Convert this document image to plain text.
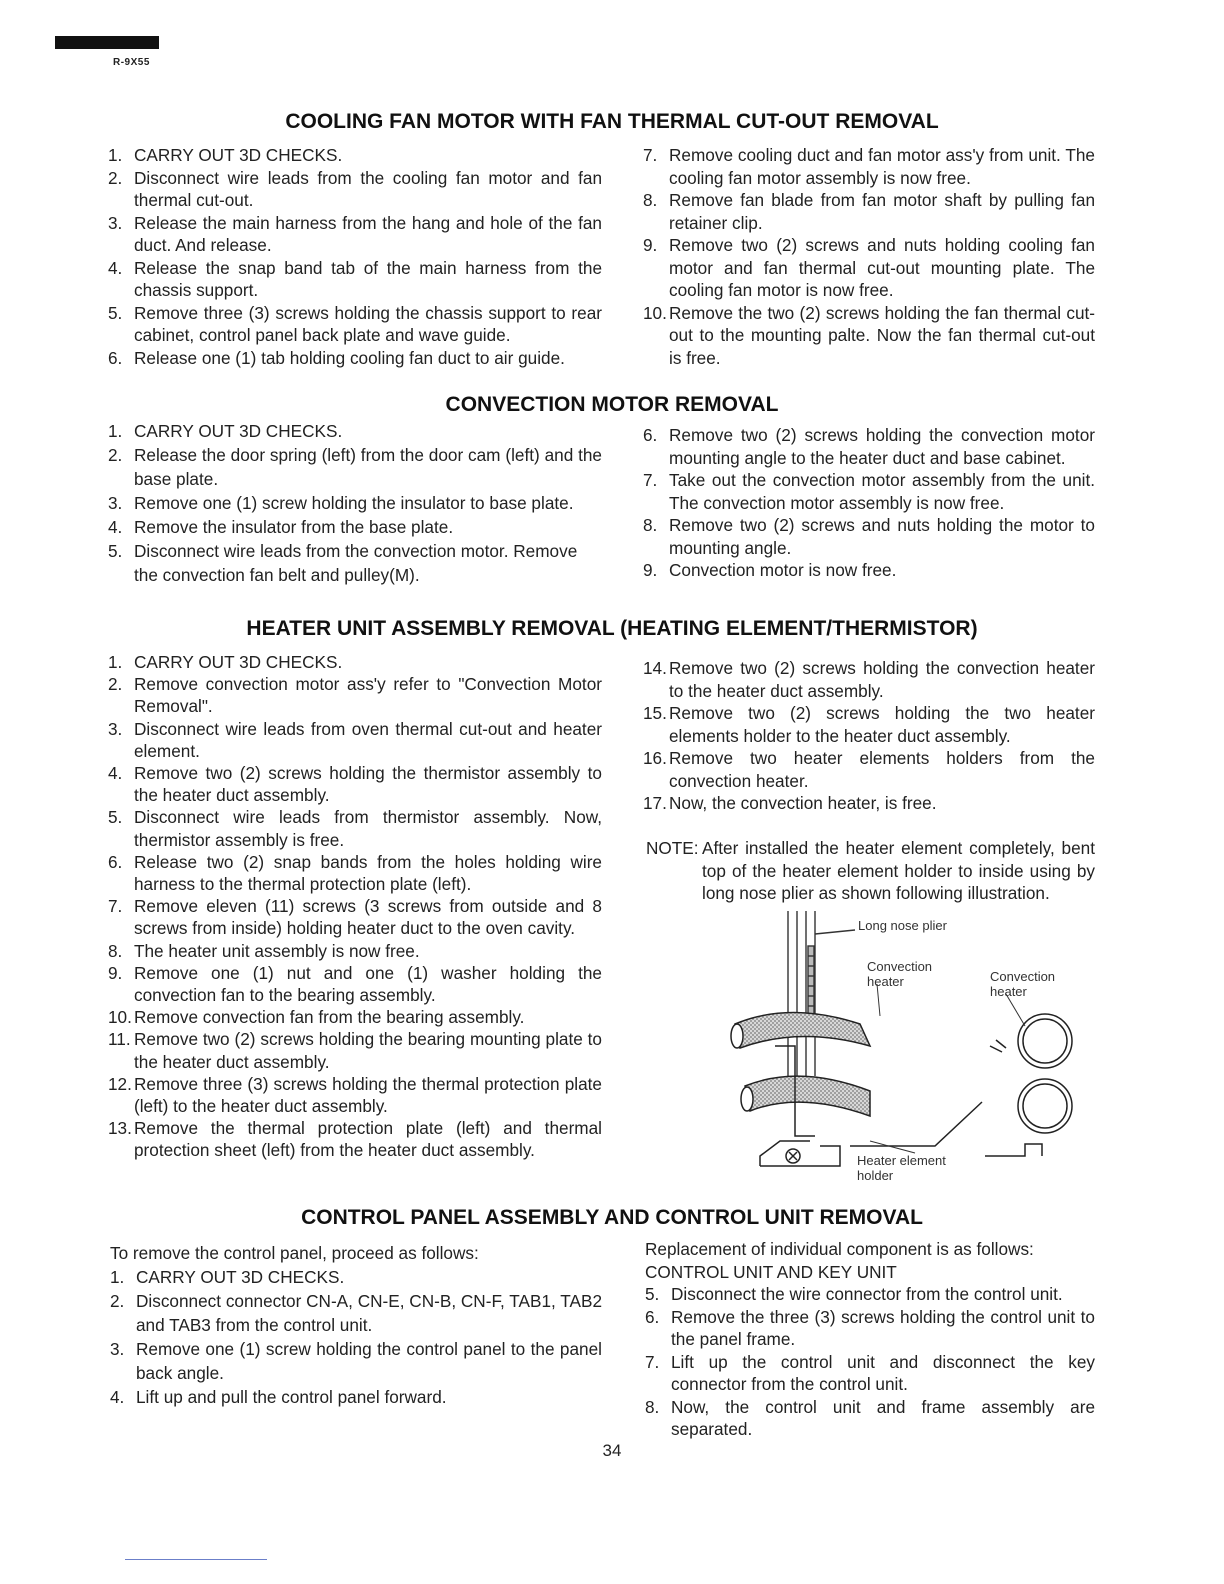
R-9X55
COOLING FAN MOTOR WITH FAN THERMAL CUT-OUT REMOVAL
1. CARRY OUT 3D CHECKS.
2. Disconnect wire leads from the cooling fan motor and fan thermal cut-out.
3. Release the main harness from the hang and hole of the fan duct. And release.
4. Release the snap band tab of the main harness from the chassis support.
5. Remove three (3) screws holding the chassis support to rear cabinet, control panel back plate and wave guide.
6. Release one (1) tab holding cooling fan duct to air guide.
7. Remove cooling duct and fan motor ass'y from unit. The cooling fan motor assembly is now free.
8. Remove fan blade from fan motor shaft by pulling fan retainer clip.
9. Remove two (2) screws and nuts holding cooling fan motor and fan thermal cut-out mounting plate. The cooling fan motor is now free.
10. Remove the two (2) screws holding the fan thermal cut-out to the mounting palte. Now the fan thermal cut-out is free.
CONVECTION MOTOR REMOVAL
1. CARRY OUT 3D CHECKS.
2. Release the door spring (left) from the door cam (left) and the base plate.
3. Remove one (1) screw holding the insulator to base plate.
4. Remove the insulator from the base plate.
5. Disconnect wire leads from the convection motor. Remove the convection fan belt and pulley(M).
6. Remove two (2) screws holding the convection motor mounting angle to the heater duct and base cabinet.
7. Take out the convection motor assembly from the unit. The convection motor assembly is now free.
8. Remove two (2) screws and nuts holding the motor to mounting angle.
9. Convection motor is now free.
HEATER UNIT ASSEMBLY REMOVAL (HEATING ELEMENT/THERMISTOR)
1. CARRY OUT 3D CHECKS.
2. Remove convection motor ass'y refer to "Convection Motor Removal".
3. Disconnect wire leads from oven thermal cut-out and heater element.
4. Remove two (2) screws holding the thermistor assembly to the heater duct assembly.
5. Disconnect wire leads from thermistor assembly. Now, thermistor assembly is free.
6. Release two (2) snap bands from the holes holding wire harness to the thermal protection plate (left).
7. Remove eleven (11) screws (3 screws from outside and 8 screws from inside) holding heater duct to the oven cavity.
8. The heater unit assembly is now free.
9. Remove one (1) nut and one (1) washer holding the convection fan to the bearing assembly.
10. Remove convection fan from the bearing assembly.
11. Remove two (2) screws holding the bearing mounting plate to the heater duct assembly.
12. Remove three (3) screws holding the thermal protection plate (left) to the heater duct assembly.
13. Remove the thermal protection plate (left) and thermal protection sheet (left) from the heater duct assembly.
14. Remove two (2) screws holding the convection heater to the heater duct assembly.
15. Remove two (2) screws holding the two heater elements holder to the heater duct assembly.
16. Remove two heater elements holders from the convection heater.
17. Now, the convection heater, is free.
NOTE: After installed the heater element completely, bent top of the heater element holder to inside using by long nose plier as shown following illustration.
Long nose plier
Convection heater	Convection heater
Heater element holder
CONTROL PANEL ASSEMBLY AND CONTROL UNIT REMOVAL
To remove the control panel, proceed as follows:
1. CARRY OUT 3D CHECKS.
2. Disconnect connector CN-A, CN-E, CN-B, CN-F, TAB1, TAB2 and TAB3 from the control unit.
3. Remove one (1) screw holding the control panel to the panel back angle.
4. Lift up and pull the control panel forward.
Replacement of individual component is as follows:
CONTROL UNIT AND KEY UNIT
5. Disconnect the wire connector from the control unit.
6. Remove the three (3) screws holding the control unit to the panel frame.
7. Lift up the control unit and disconnect the key connector from the control unit.
8. Now, the control unit and frame assembly are separated.
34
